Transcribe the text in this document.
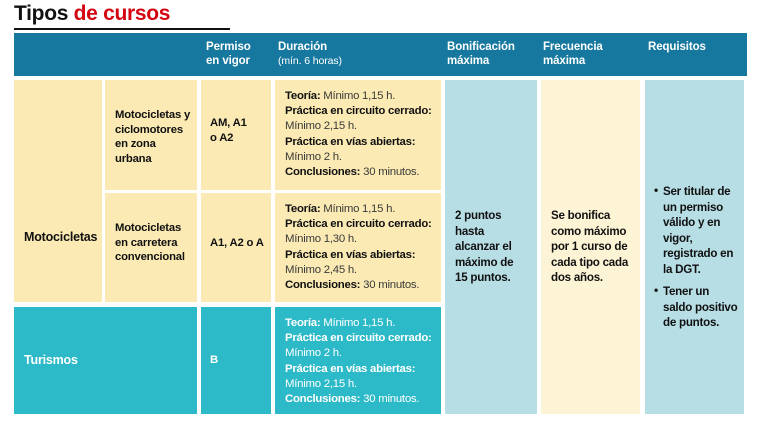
Tipos de cursos
Permiso
en vigor
Duración
(mín. 6 horas)
Bonificación
máxima
Frecuencia
máxima
Requisitos
Motocicletas
Motocicletas y
ciclomotores
en zona urbana
AM, A1
o A2
Teoría: Mínimo 1,15 h.
Práctica en circuito cerrado:
Mínimo 2,15 h.
Práctica en vías abiertas:
Mínimo 2 h.
Conclusiones: 30 minutos.
Motocicletas
en carretera
convencional
A1, A2 o A
Teoría: Mínimo 1,15 h.
Práctica en circuito cerrado:
Mínimo 1,30 h.
Práctica en vías abiertas:
Mínimo 2,45 h.
Conclusiones: 30 minutos.
Turismos	B
Teoría: Mínimo 1,15 h.
Práctica en circuito cerrado:
Mínimo 2 h.
Práctica en vías abiertas:
Mínimo 2,15 h.
Conclusiones: 30 minutos.
2 puntos
hasta
alcanzar el
máximo de
15 puntos.
Se bonifica
como máximo
por 1 curso de
cada tipo cada
dos años.
• Ser titular de un permiso válido y en vigor, registrado en la DGT.
• Tener un saldo positivo de puntos.
